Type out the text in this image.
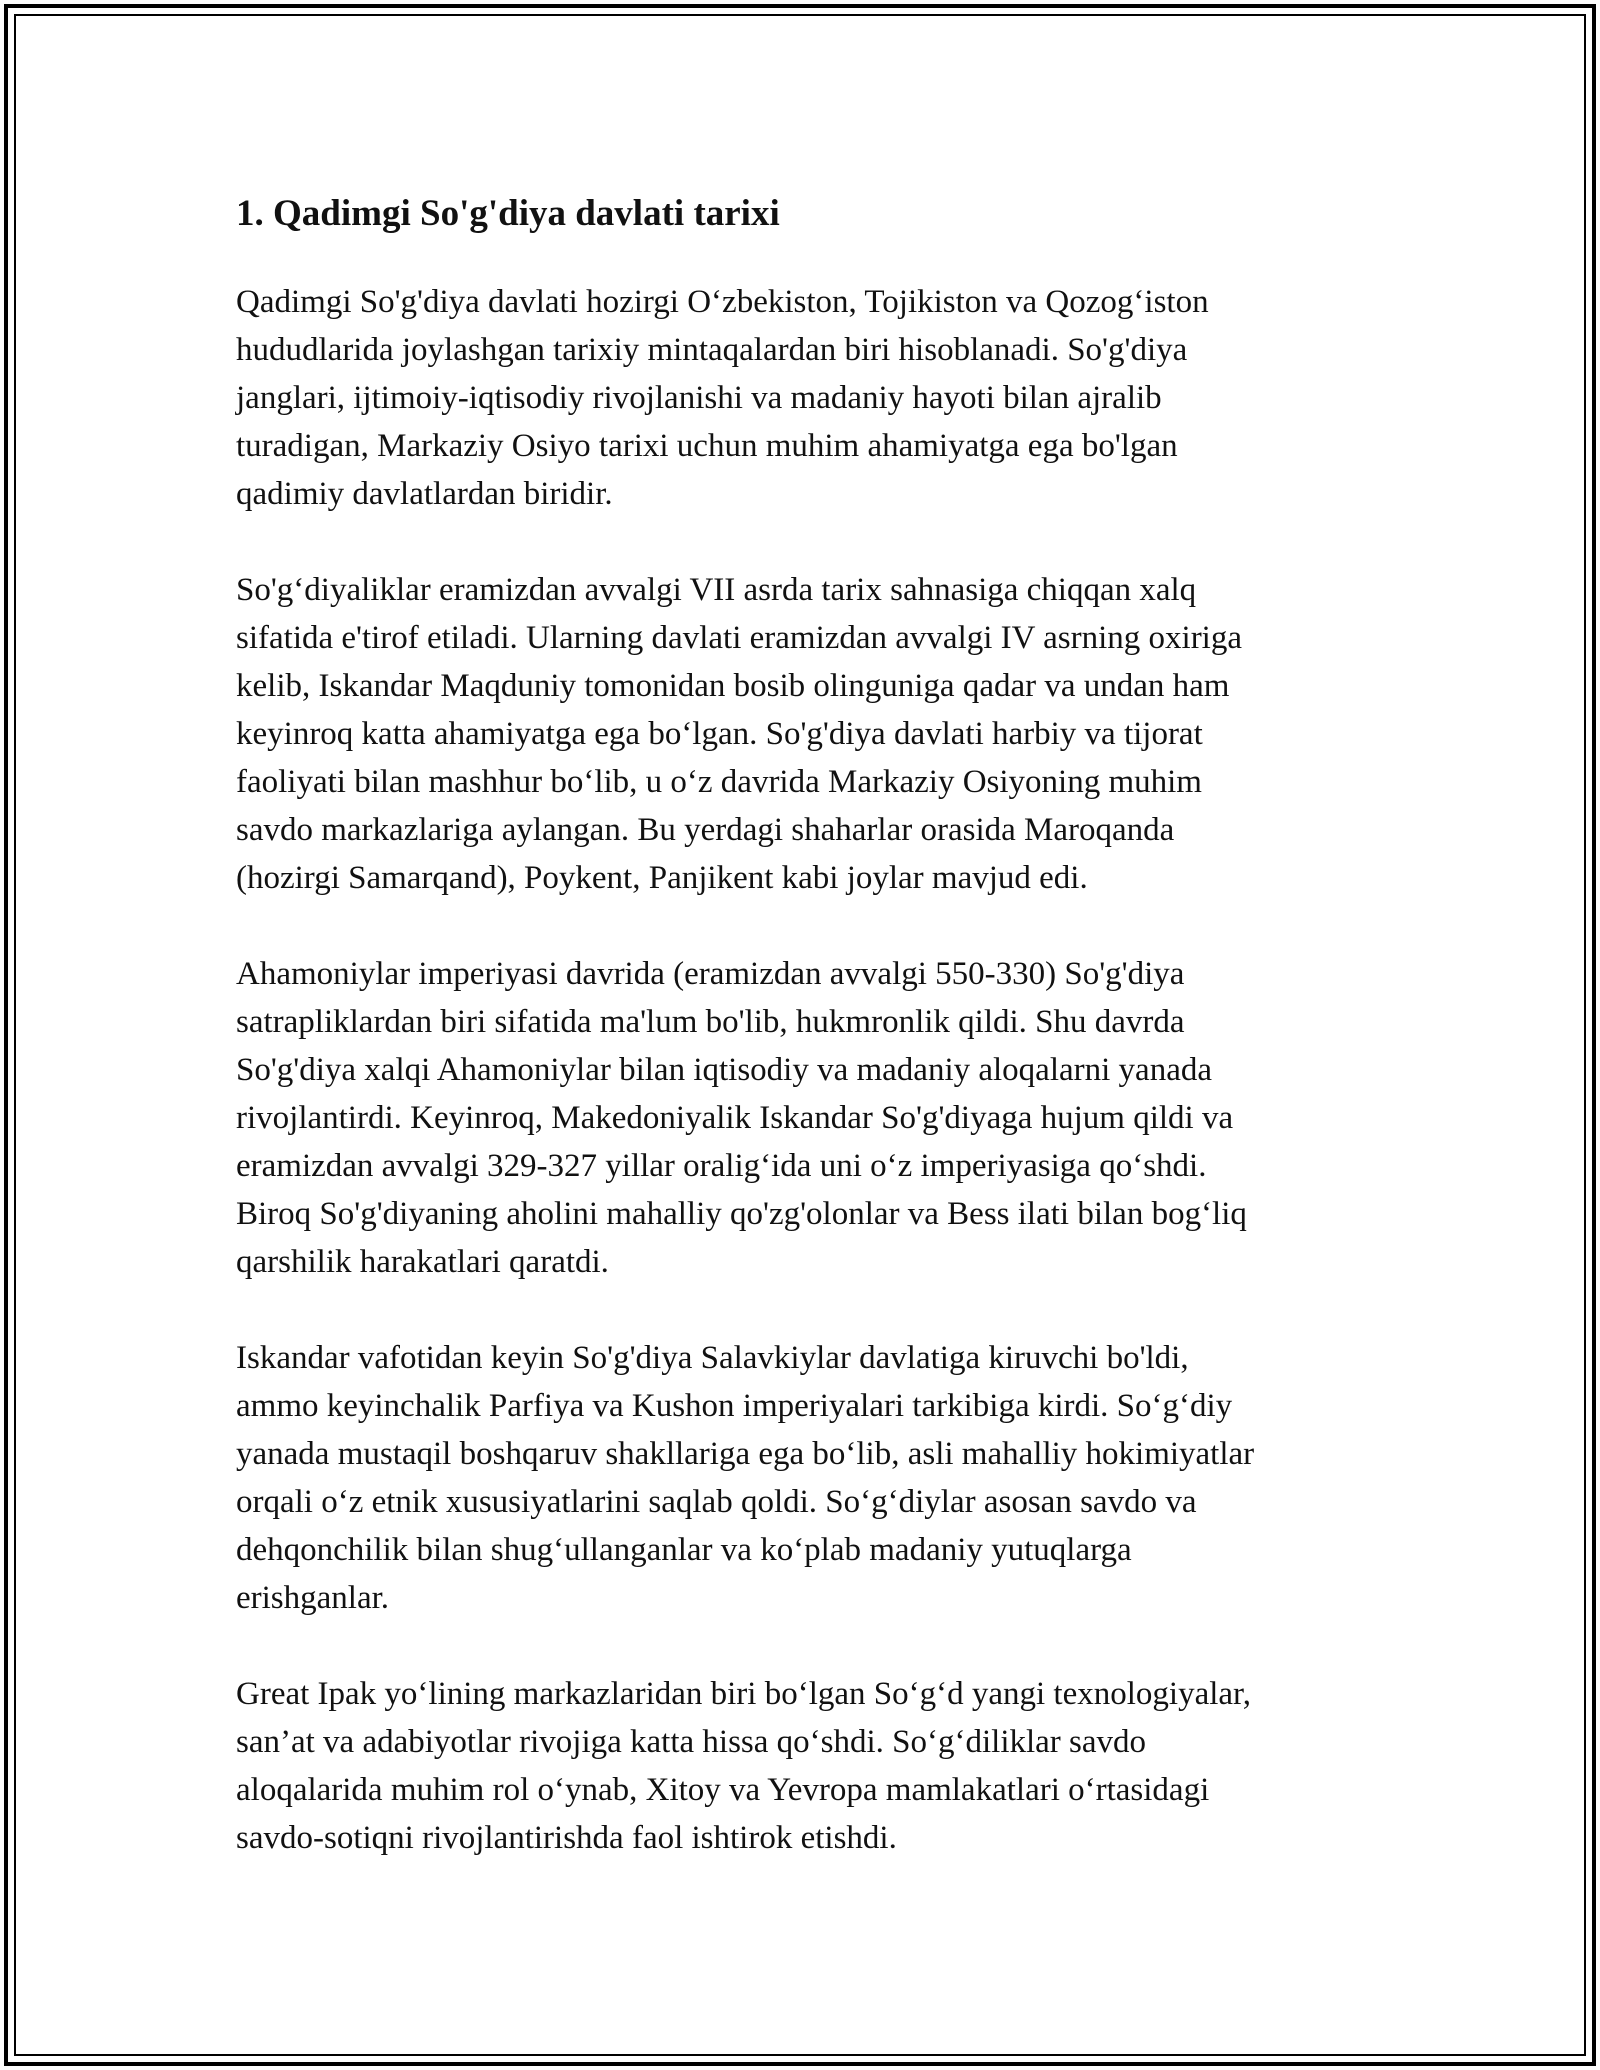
1. Qadimgi So'g'diya davlati tarixi

Qadimgi So'g'diya davlati hozirgi O‘zbekiston, Tojikiston va Qozog‘iston
hududlarida joylashgan tarixiy mintaqalardan biri hisoblanadi. So'g'diya
janglari, ijtimoiy-iqtisodiy rivojlanishi va madaniy hayoti bilan ajralib
turadigan, Markaziy Osiyo tarixi uchun muhim ahamiyatga ega bo'lgan
qadimiy davlatlardan biridir.

So'g‘diyaliklar eramizdan avvalgi VII asrda tarix sahnasiga chiqqan xalq
sifatida e'tirof etiladi. Ularning davlati eramizdan avvalgi IV asrning oxiriga
kelib, Iskandar Maqduniy tomonidan bosib olinguniga qadar va undan ham
keyinroq katta ahamiyatga ega bo‘lgan. So'g'diya davlati harbiy va tijorat
faoliyati bilan mashhur bo‘lib, u o‘z davrida Markaziy Osiyoning muhim
savdo markazlariga aylangan. Bu yerdagi shaharlar orasida Maroqanda
(hozirgi Samarqand), Poykent, Panjikent kabi joylar mavjud edi.

Ahamoniylar imperiyasi davrida (eramizdan avvalgi 550-330) So'g'diya
satrapliklardan biri sifatida ma'lum bo'lib, hukmronlik qildi. Shu davrda
So'g'diya xalqi Ahamoniylar bilan iqtisodiy va madaniy aloqalarni yanada
rivojlantirdi. Keyinroq, Makedoniyalik Iskandar So'g'diyaga hujum qildi va
eramizdan avvalgi 329-327 yillar oralig‘ida uni o‘z imperiyasiga qo‘shdi.
Biroq So'g'diyaning aholini mahalliy qo'zg'olonlar va Bess ilati bilan bog‘liq
qarshilik harakatlari qaratdi.

Iskandar vafotidan keyin So'g'diya Salavkiylar davlatiga kiruvchi bo'ldi,
ammo keyinchalik Parfiya va Kushon imperiyalari tarkibiga kirdi. So‘g‘diy
yanada mustaqil boshqaruv shakllariga ega bo‘lib, asli mahalliy hokimiyatlar
orqali o‘z etnik xususiyatlarini saqlab qoldi. So‘g‘diylar asosan savdo va
dehqonchilik bilan shug‘ullanganlar va ko‘plab madaniy yutuqlarga
erishganlar.

Great Ipak yo‘lining markazlaridan biri bo‘lgan So‘g‘d yangi texnologiyalar,
san’at va adabiyotlar rivojiga katta hissa qo‘shdi. So‘g‘diliklar savdo
aloqalarida muhim rol o‘ynab, Xitoy va Yevropa mamlakatlari o‘rtasidagi
savdo-sotiqni rivojlantirishda faol ishtirok etishdi.
